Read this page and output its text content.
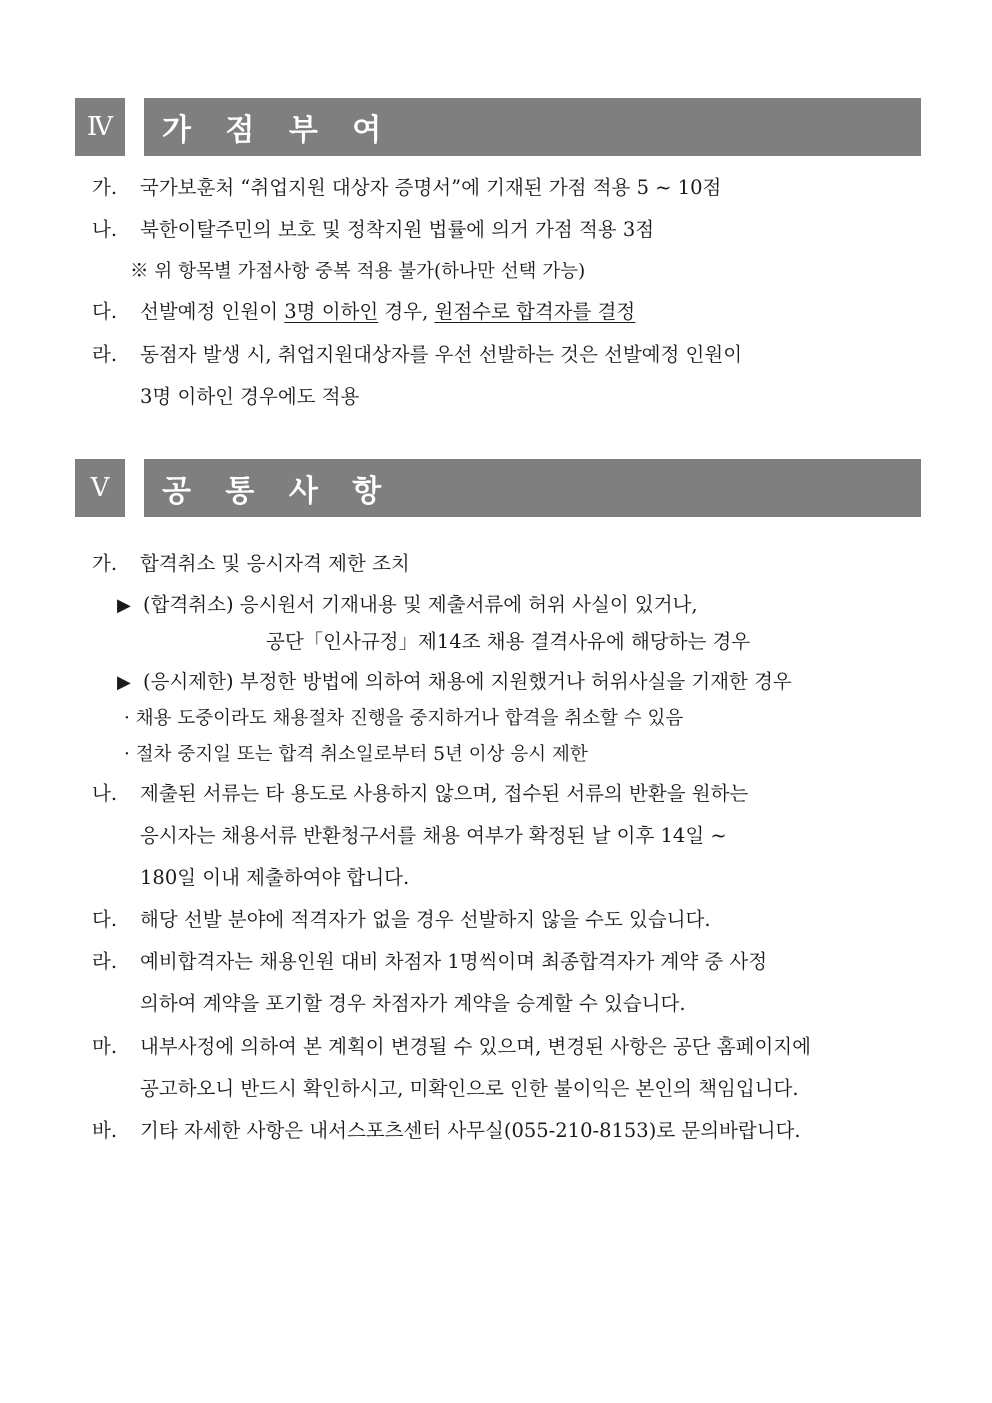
Ⅳ	가 점 부 여
가. 국가보훈처 “취업지원 대상자 증명서”에 기재된 가점 적용 5 ~ 10점
나. 북한이탈주민의 보호 및 정착지원 법률에 의거 가점 적용 3점
※ 위 항목별 가점사항 중복 적용 불가(하나만 선택 가능)
다. 선발예정 인원이 3명 이하인 경우, 원점수로 합격자를 결정
라. 동점자 발생 시, 취업지원대상자를 우선 선발하는 것은 선발예정 인원이
3명 이하인 경우에도 적용
Ⅴ	공 통 사 항
가. 합격취소 및 응시자격 제한 조치
▶ (합격취소) 응시원서 기재내용 및 제출서류에 허위 사실이 있거나,
공단「인사규정」제14조 채용 결격사유에 해당하는 경우
▶ (응시제한) 부정한 방법에 의하여 채용에 지원했거나 허위사실을 기재한 경우
· 채용 도중이라도 채용절차 진행을 중지하거나 합격을 취소할 수 있음
· 절차 중지일 또는 합격 취소일로부터 5년 이상 응시 제한
나. 제출된 서류는 타 용도로 사용하지 않으며, 접수된 서류의 반환을 원하는
응시자는 채용서류 반환청구서를 채용 여부가 확정된 날 이후 14일 ~
180일 이내 제출하여야 합니다.
다. 해당 선발 분야에 적격자가 없을 경우 선발하지 않을 수도 있습니다.
라. 예비합격자는 채용인원 대비 차점자 1명씩이며 최종합격자가 계약 중 사정
의하여 계약을 포기할 경우 차점자가 계약을 승계할 수 있습니다.
마. 내부사정에 의하여 본 계획이 변경될 수 있으며, 변경된 사항은 공단 홈페이지에
공고하오니 반드시 확인하시고, 미확인으로 인한 불이익은 본인의 책임입니다.
바. 기타 자세한 사항은 내서스포츠센터 사무실(055-210-8153)로 문의바랍니다.
